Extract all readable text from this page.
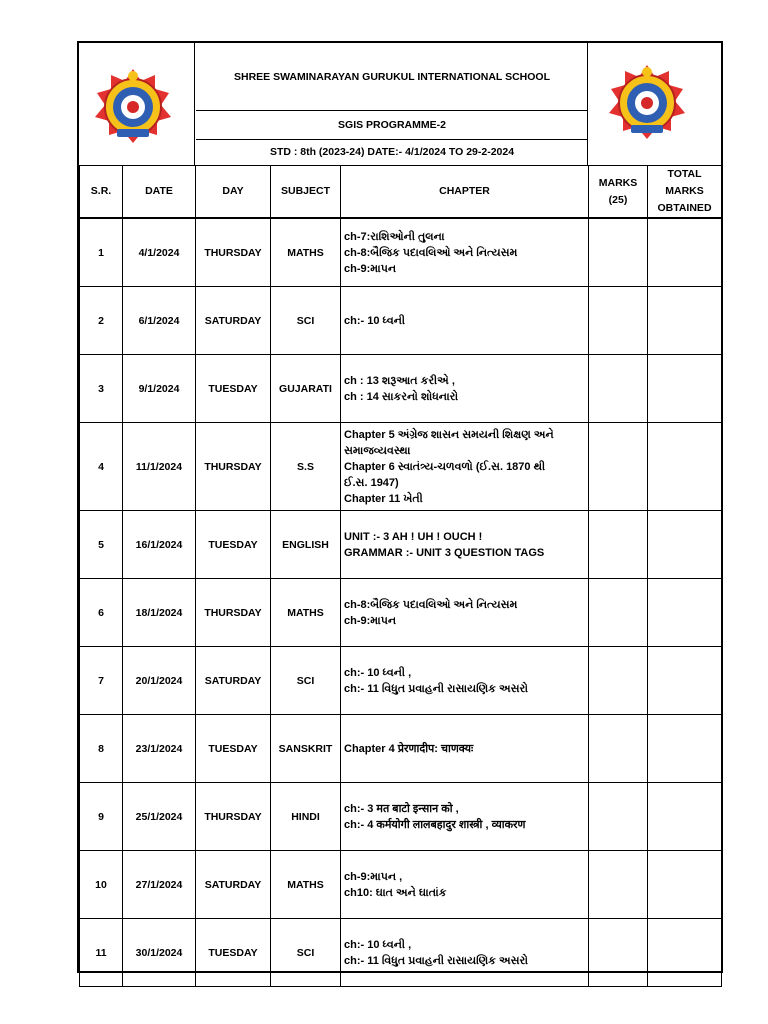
SHREE SWAMINARAYAN GURUKUL INTERNATIONAL SCHOOL
SGIS PROGRAMME-2
STD : 8th (2023-24) DATE:- 4/1/2024 TO 29-2-2024
S.R.	DATE	DAY	SUBJECT	CHAPTER	MARKS (25)	TOTAL MARKS OBTAINED
1	4/1/2024	THURSDAY	MATHS	ch-7:રાશિઓની તુલના
ch-8:બૈજિક પદાવલિઓ અને નિત્યસમ
ch-9:માપન		

2	6/1/2024	SATURDAY	SCI	ch:- 10 ધ્વની		

3	9/1/2024	TUESDAY	GUJARATI	ch : 13 શરૂઆત કરીએ ,
ch : 14 સાકરનો શોધનારો		

4	11/1/2024	THURSDAY	S.S	Chapter 5 અંગ્રેજ શાસન સમયની શિક્ષણ અને
સમાજવ્યવસ્થા
Chapter 6 સ્વાતંત્ર્ય-ચળવળો (ઈ.સ. 1870 થી
ઈ.સ. 1947)
Chapter 11 ખેતી		

5	16/1/2024	TUESDAY	ENGLISH	UNIT :- 3 AH ! UH ! OUCH !
GRAMMAR :- UNIT 3 QUESTION TAGS		

6	18/1/2024	THURSDAY	MATHS	ch-8:બૈજિક પદાવલિઓ અને નિત્યસમ
ch-9:માપન		

7	20/1/2024	SATURDAY	SCI	ch:- 10 ધ્વની ,
ch:- 11 વિધુત પ્રવાહની રાસાયણિક અસરો		

8	23/1/2024	TUESDAY	SANSKRIT	Chapter 4 प्रेरणादीप: चाणक्यः		

9	25/1/2024	THURSDAY	HINDI	ch:- 3 मत बाटो इन्सान को ,
ch:- 4 कर्मयोगी लालबहादुर शास्त्री , व्याकरण		

10	27/1/2024	SATURDAY	MATHS	ch-9:માપન ,
ch10: ઘાત અને ઘાતાંક		

11	30/1/2024	TUESDAY	SCI	ch:- 10 ધ્વની ,
ch:- 11 વિધુત પ્રવાહની રાસાયણિક અસરો		
